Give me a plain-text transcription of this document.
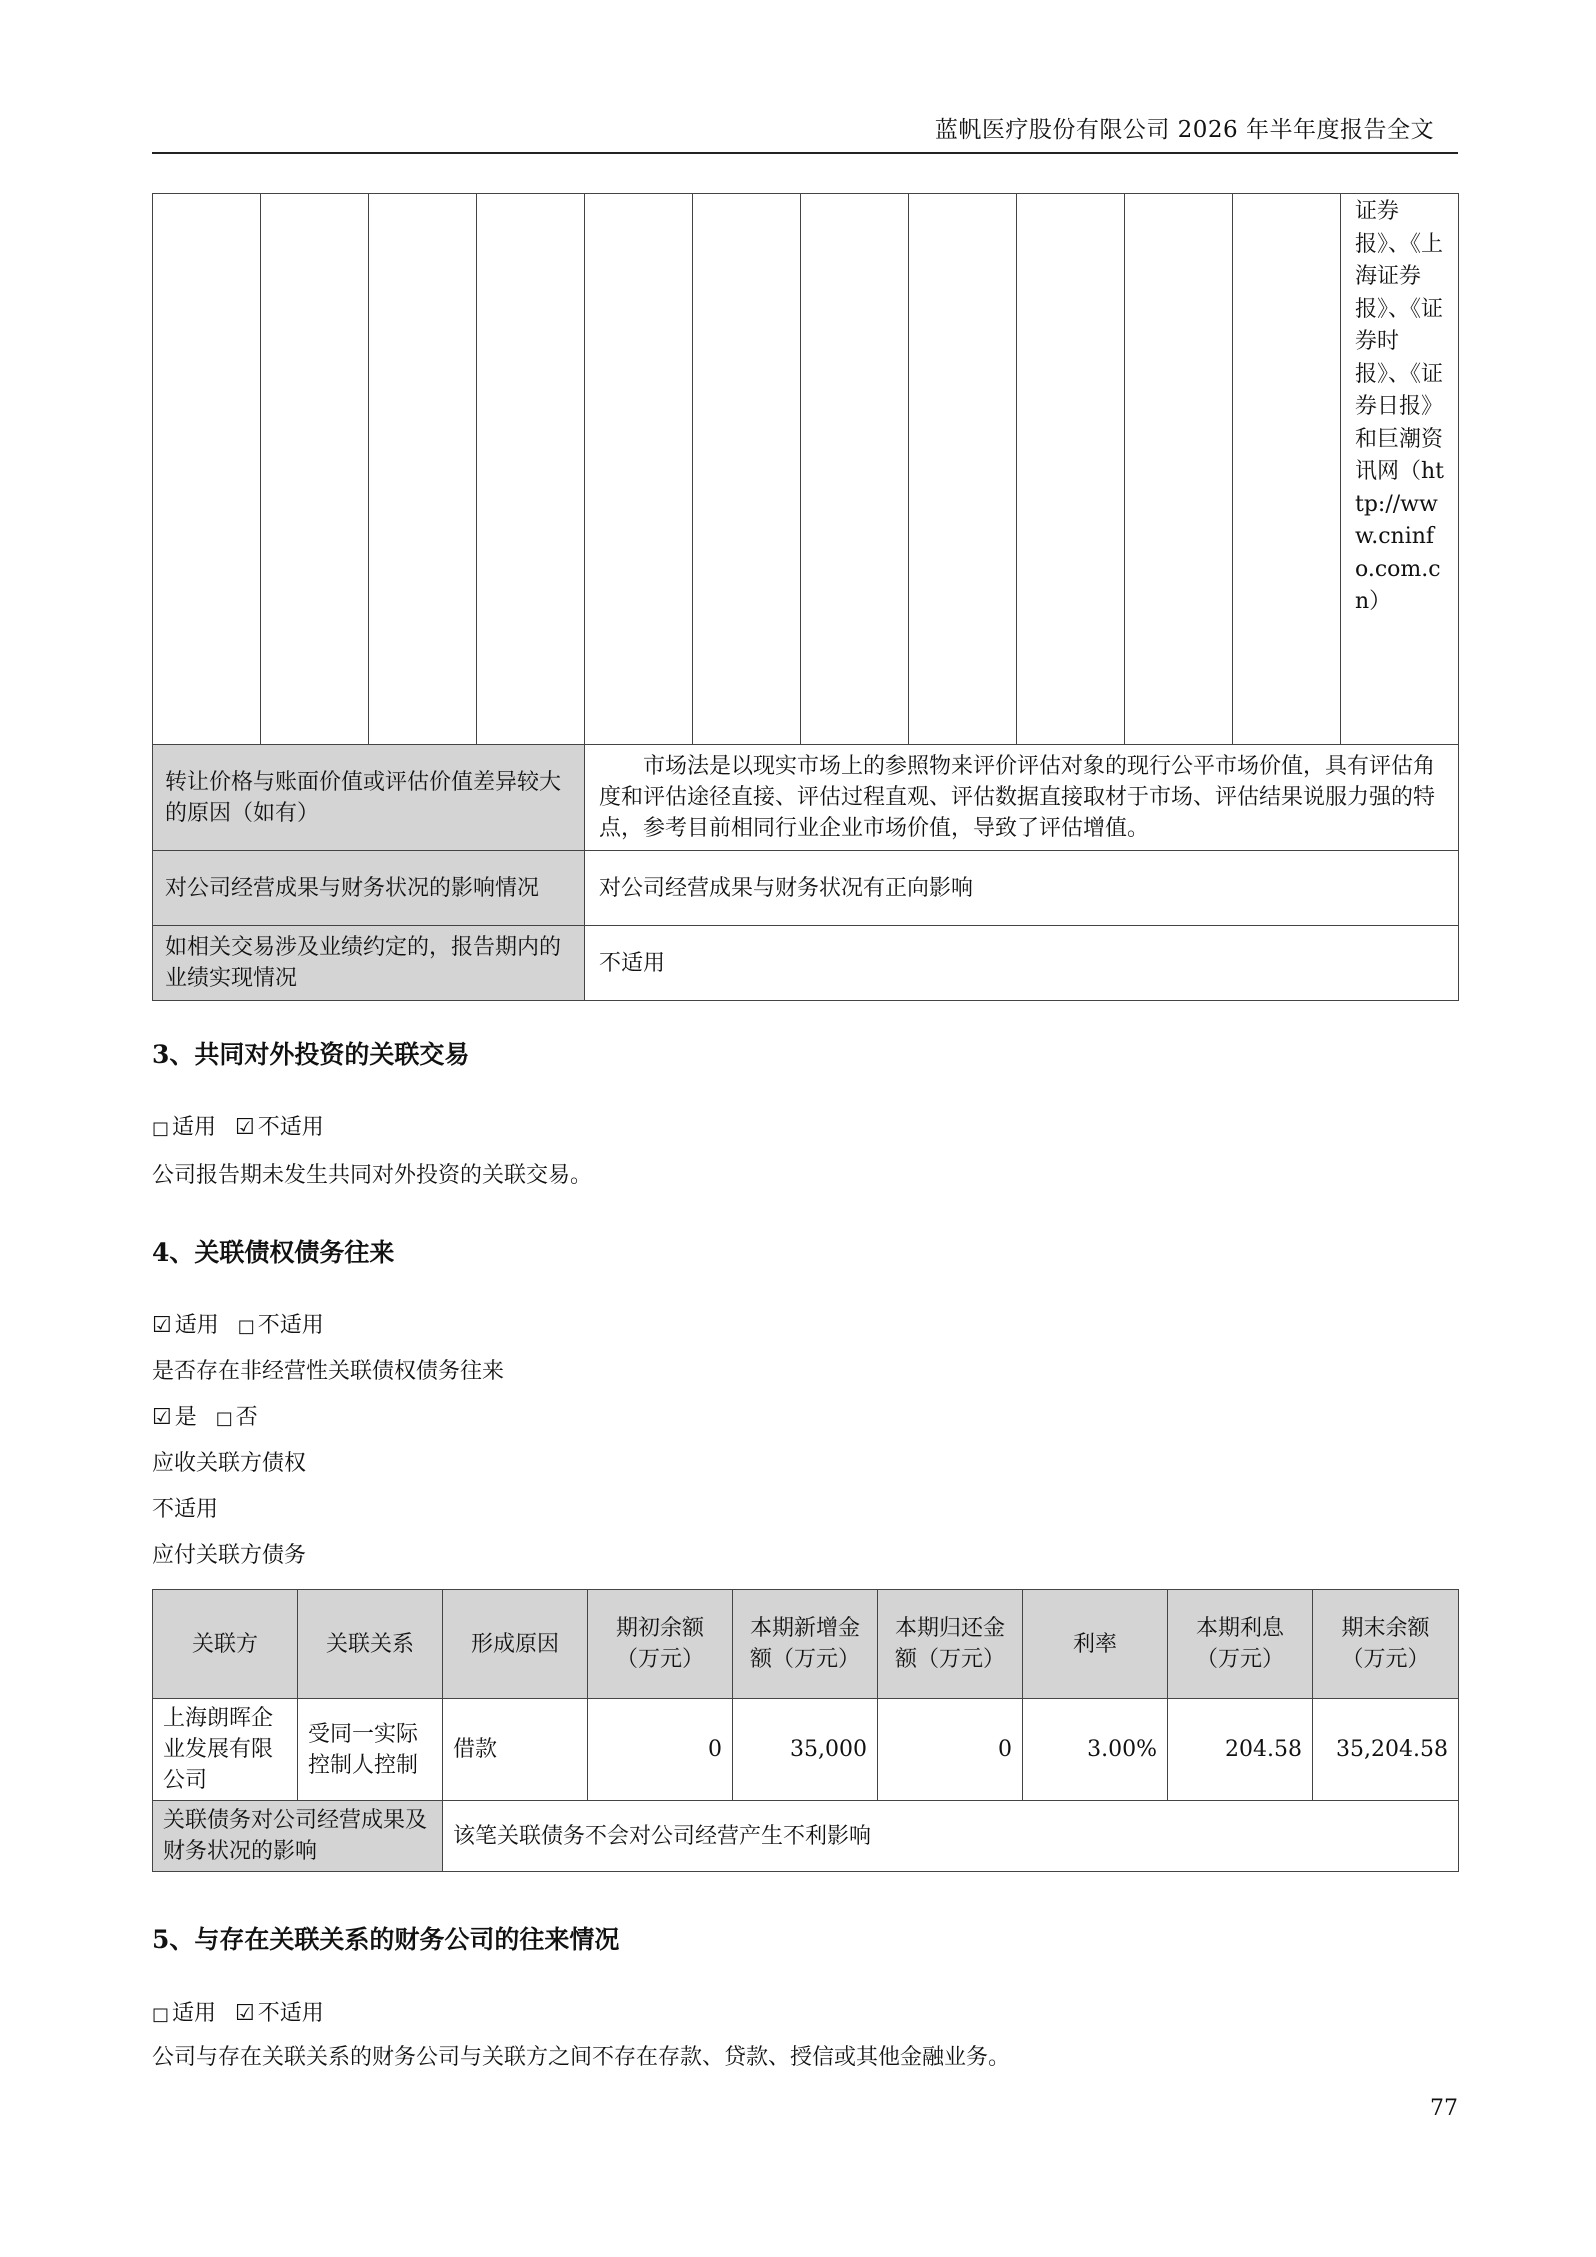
蓝帆医疗股份有限公司 2026 年半年度报告全文
											证券报》、《上海证券报》、《证券时报》、《证券日报》和巨潮资讯网（http://www.cninfo.com.cn）
转让价格与账面价值或评估价值差异较大的原因（如有）				市场法是以现实市场上的参照物来评价评估对象的现行公平市场价值，具有评估角度和评估途径直接、评估过程直观、评估数据直接取材于市场、评估结果说服力强的特点，参考目前相同行业企业市场价值，导致了评估增值。							
对公司经营成果与财务状况的影响情况				对公司经营成果与财务状况有正向影响							
如相关交易涉及业绩约定的，报告期内的业绩实现情况				不适用							
3、共同对外投资的关联交易
□ 适用 ☑ 不适用
公司报告期未发生共同对外投资的关联交易。
4、关联债权债务往来
☑ 适用 □ 不适用
是否存在非经营性关联债权债务往来
☑ 是 □ 否
应收关联方债权
不适用
应付关联方债务
关联方	关联关系	形成原因	期初余额（万元）	本期新增金额（万元）	本期归还金额（万元）	利率	本期利息（万元）	期末余额（万元）
上海朗晖企业发展有限公司	受同一实际控制人控制	借款	0	35,000	0	3.00%	204.58	35,204.58
关联债务对公司经营成果及财务状况的影响		该笔关联债务不会对公司经营产生不利影响						
5、与存在关联关系的财务公司的往来情况
□ 适用 ☑ 不适用
公司与存在关联关系的财务公司与关联方之间不存在存款、贷款、授信或其他金融业务。
77
